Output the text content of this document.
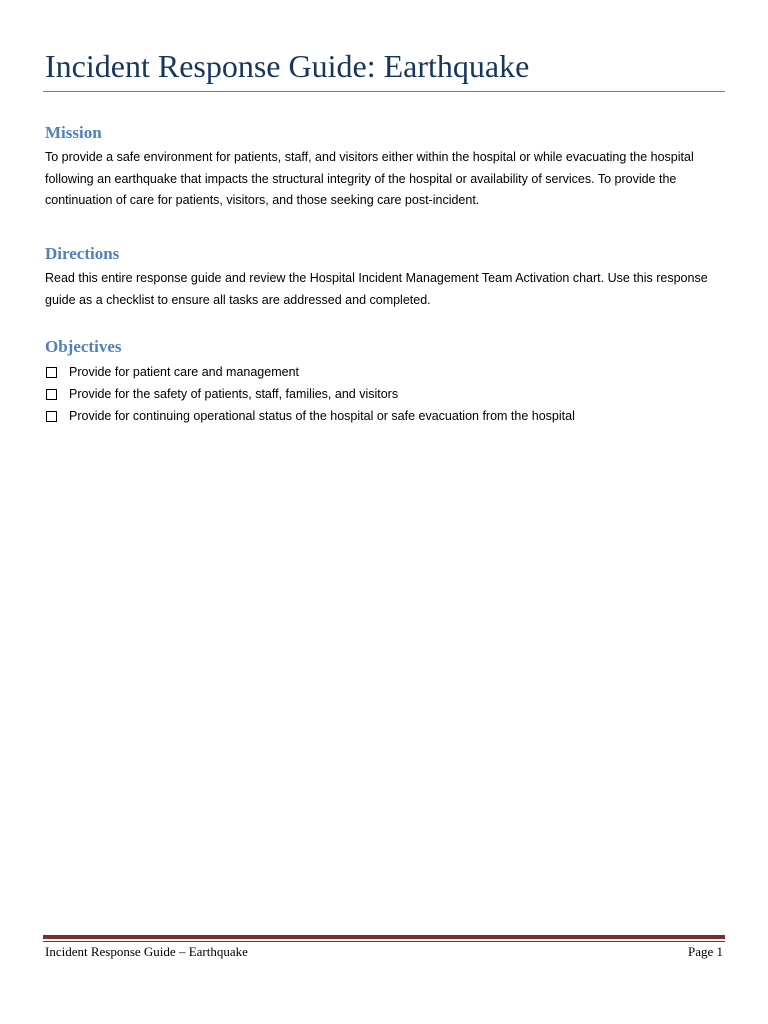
Incident Response Guide: Earthquake
Mission

To provide a safe environment for patients, staff, and visitors either within the hospital or while evacuating the hospital following an earthquake that impacts the structural integrity of the hospital or availability of services. To provide the continuation of care for patients, visitors, and those seeking care post-incident.

Directions

Read this entire response guide and review the Hospital Incident Management Team Activation chart. Use this response guide as a checklist to ensure all tasks are addressed and completed.

Objectives
Provide for patient care and management
Provide for the safety of patients, staff, families, and visitors
Provide for continuing operational status of the hospital or safe evacuation from the hospital
Incident Response Guide – Earthquake	Page 1
